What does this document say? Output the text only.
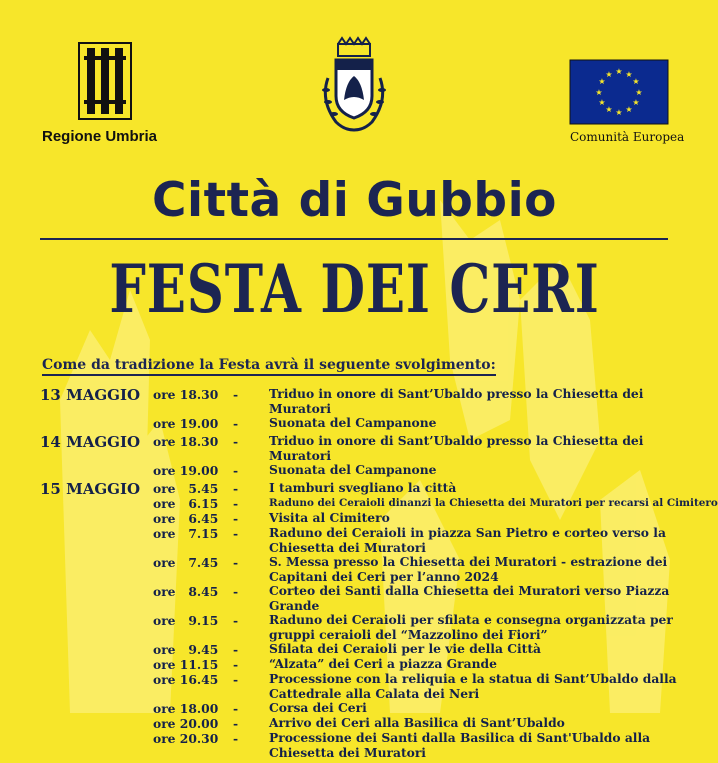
Regione Umbria
★ ★
★
★
★
★
★
★
★
★
★
★
Comunità Europea
Città di Gubbio
FESTA DEI CERI
Come da tradizione la Festa avrà il seguente svolgimento:
13 MAGGIO ore 18.30	-	Triduo in onore di Sant’Ubaldo presso la Chiesetta dei Muratori
ore 19.00	-	Suonata del Campanone
14 MAGGIO ore 18.30	-	Triduo in onore di Sant’Ubaldo presso la Chiesetta dei Muratori
ore 19.00	-	Suonata del Campanone
15 MAGGIO ore   5.45	-	I tamburi svegliano la città
ore   6.15	-	Raduno dei Ceraioli dinanzi la Chiesetta dei Muratori per recarsi al Cimitero
ore   6.45	-	Visita al Cimitero
ore   7.15	-	Raduno dei Ceraioli in piazza San Pietro e corteo verso la Chiesetta dei Muratori
ore   7.45	-	S. Messa presso la Chiesetta dei Muratori - estrazione dei Capitani dei Ceri per l’anno 2024
ore   8.45	-	Corteo dei Santi dalla Chiesetta dei Muratori verso Piazza Grande
ore   9.15	-	Raduno dei Ceraioli per sfilata e consegna organizzata per gruppi ceraioli del “Mazzolino dei Fiori”
ore   9.45	-	Sfilata dei Ceraioli per le vie della Città
ore 11.15	-	“Alzata” dei Ceri a piazza Grande
ore 16.45	-	Processione con la reliquia e la statua di Sant’Ubaldo dalla Cattedrale alla Calata dei Neri
ore 18.00	-	Corsa dei Ceri
ore 20.00	-	Arrivo dei Ceri alla Basilica di Sant’Ubaldo
ore 20.30	-	Processione dei Santi dalla Basilica di Sant'Ubaldo alla Chiesetta dei Muratori
